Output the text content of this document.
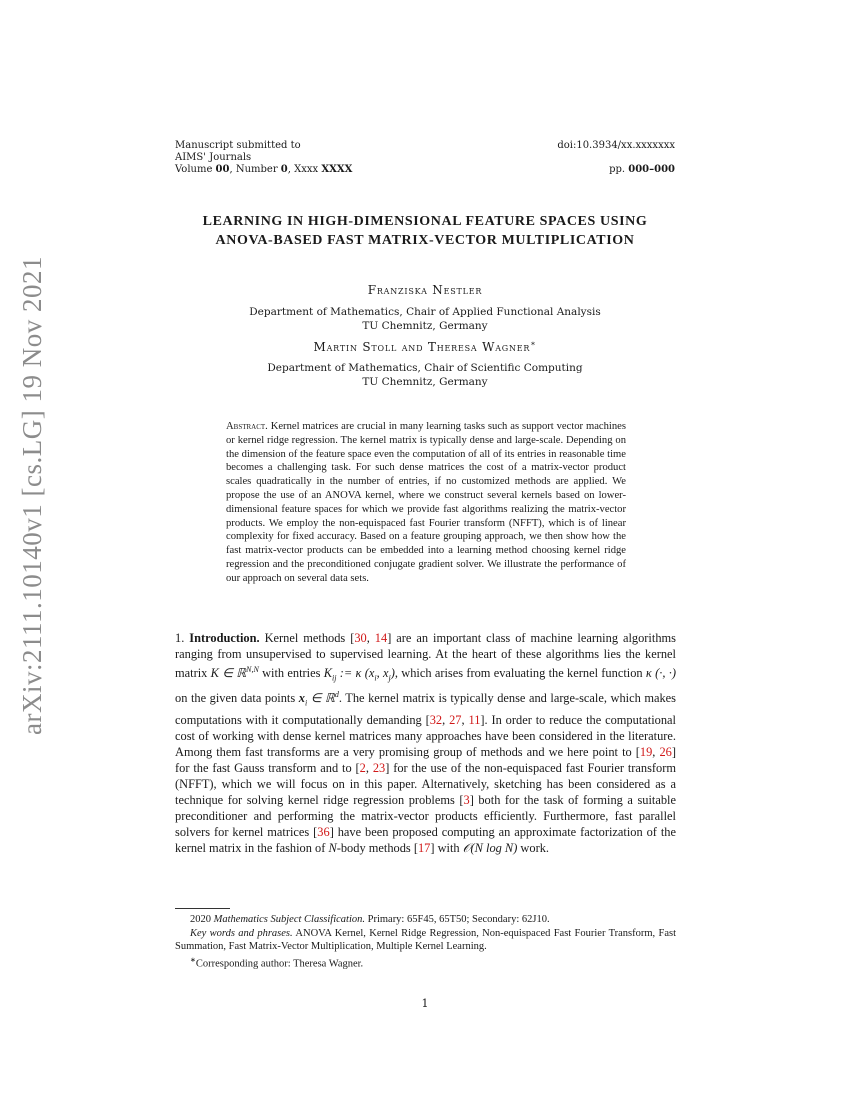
arXiv:2111.10140v1 [cs.LG] 19 Nov 2021
Manuscript submitted to
AIMS' Journals
Volume 00, Number 0, Xxxx XXXX
doi:10.3934/xx.xxxxxxx
pp. 000–000
LEARNING IN HIGH-DIMENSIONAL FEATURE SPACES USING
ANOVA-BASED FAST MATRIX-VECTOR MULTIPLICATION
Franziska Nestler
Department of Mathematics, Chair of Applied Functional Analysis
TU Chemnitz, Germany
Martin Stoll and Theresa Wagner∗
Department of Mathematics, Chair of Scientific Computing
TU Chemnitz, Germany
Abstract. Kernel matrices are crucial in many learning tasks such as support vector machines or kernel ridge regression. The kernel matrix is typically dense and large-scale. Depending on the dimension of the feature space even the computation of all of its entries in reasonable time becomes a challenging task. For such dense matrices the cost of a matrix-vector product scales quadratically in the number of entries, if no customized methods are applied. We propose the use of an ANOVA kernel, where we construct several kernels based on lower-dimensional feature spaces for which we provide fast algorithms realizing the matrix-vector products. We employ the non-equispaced fast Fourier transform (NFFT), which is of linear complexity for fixed accuracy. Based on a feature grouping approach, we then show how the fast matrix-vector products can be embedded into a learning method choosing kernel ridge regression and the preconditioned conjugate gradient solver. We illustrate the performance of our approach on several data sets.
1. Introduction. Kernel methods [30, 14] are an important class of machine learning algorithms ranging from unsupervised to supervised learning. At the heart of these algorithms lies the kernel matrix K ∈ ℝ$^{N,N}$ with entries $K_{ij}$ := κ ($x_i$, $x_j$), which arises from evaluating the kernel function κ (·, ·) on the given data points $x_i$ ∈ ℝ$^d$. The kernel matrix is typically dense and large-scale, which makes computations with it computationally demanding [32, 27, 11]. In order to reduce the computational cost of working with dense kernel matrices many approaches have been considered in the literature. Among them fast transforms are a very promising group of methods and we here point to [19, 26] for the fast Gauss transform and to [2, 23] for the use of the non-equispaced fast Fourier transform (NFFT), which we will focus on in this paper. Alternatively, sketching has been considered as a technique for solving kernel ridge regression problems [3] both for the task of forming a suitable preconditioner and performing the matrix-vector products efficiently. Furthermore, fast parallel solvers for kernel matrices [36] have been proposed computing an approximate factorization of the kernel matrix in the fashion of N-body methods [17] with 𝒪(N log N) work.

2020 Mathematics Subject Classification. Primary: 65F45, 65T50; Secondary: 62J10.

Key words and phrases. ANOVA Kernel, Kernel Ridge Regression, Non-equispaced Fast Fourier Transform, Fast Summation, Fast Matrix-Vector Multiplication, Multiple Kernel Learning.

∗Corresponding author: Theresa Wagner.

1
